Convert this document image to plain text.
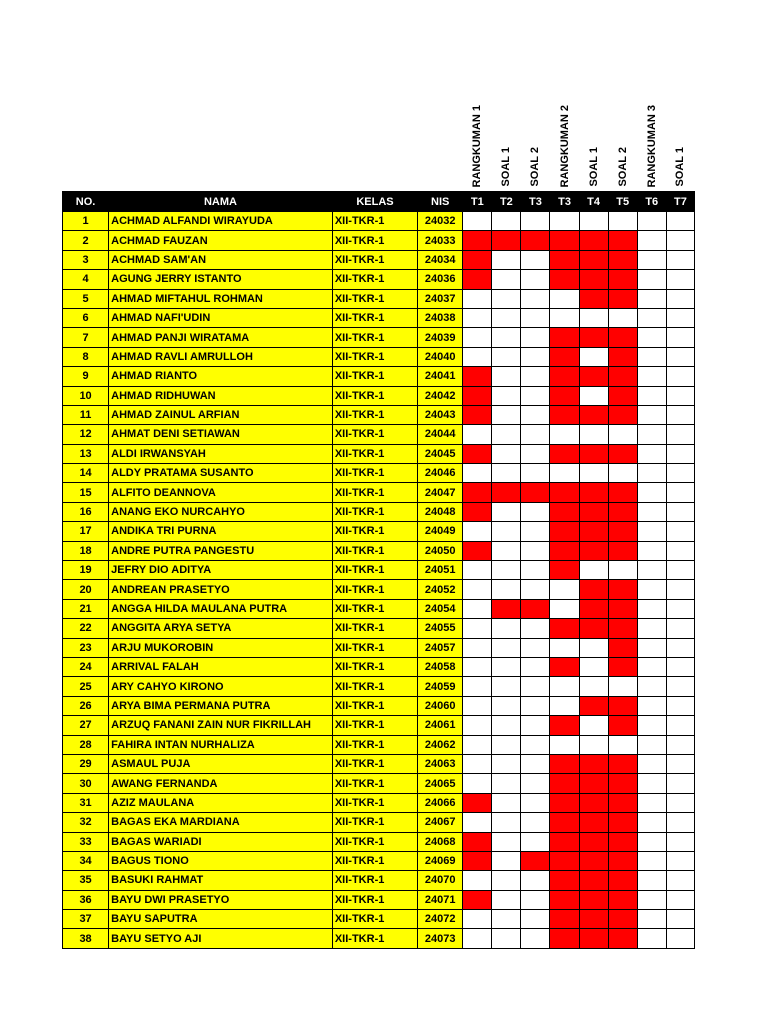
				RANGKUMAN 1	SOAL 1	SOAL 2	RANGKUMAN 2	SOAL 1	SOAL 2	RANGKUMAN 3	SOAL 1

NO.	NAMA	KELAS	NIS	T1	T2	T3	T3	T4	T5	T6	T7
1	ACHMAD ALFANDI WIRAYUDA	XII-TKR-1	24032								
2	ACHMAD FAUZAN	XII-TKR-1	24033								
3	ACHMAD SAM'AN	XII-TKR-1	24034								
4	AGUNG JERRY ISTANTO	XII-TKR-1	24036								
5	AHMAD MIFTAHUL ROHMAN	XII-TKR-1	24037								
6	AHMAD NAFI'UDIN	XII-TKR-1	24038								
7	AHMAD PANJI WIRATAMA	XII-TKR-1	24039								
8	AHMAD RAVLI AMRULLOH	XII-TKR-1	24040								
9	AHMAD RIANTO	XII-TKR-1	24041								
10	AHMAD RIDHUWAN	XII-TKR-1	24042								
11	AHMAD ZAINUL ARFIAN	XII-TKR-1	24043								
12	AHMAT DENI SETIAWAN	XII-TKR-1	24044								
13	ALDI IRWANSYAH	XII-TKR-1	24045								
14	ALDY PRATAMA SUSANTO	XII-TKR-1	24046								
15	ALFITO DEANNOVA	XII-TKR-1	24047								
16	ANANG EKO NURCAHYO	XII-TKR-1	24048								
17	ANDIKA TRI PURNA	XII-TKR-1	24049								
18	ANDRE PUTRA PANGESTU	XII-TKR-1	24050								
19	JEFRY DIO ADITYA	XII-TKR-1	24051								
20	ANDREAN PRASETYO	XII-TKR-1	24052								
21	ANGGA HILDA MAULANA PUTRA	XII-TKR-1	24054								
22	ANGGITA ARYA SETYA	XII-TKR-1	24055								
23	ARJU MUKOROBIN	XII-TKR-1	24057								
24	ARRIVAL FALAH	XII-TKR-1	24058								
25	ARY CAHYO KIRONO	XII-TKR-1	24059								
26	ARYA BIMA PERMANA PUTRA	XII-TKR-1	24060								
27	ARZUQ FANANI ZAIN NUR FIKRILLAH	XII-TKR-1	24061								
28	FAHIRA INTAN NURHALIZA	XII-TKR-1	24062								
29	ASMAUL PUJA	XII-TKR-1	24063								
30	AWANG FERNANDA	XII-TKR-1	24065								
31	AZIZ MAULANA	XII-TKR-1	24066								
32	BAGAS EKA MARDIANA	XII-TKR-1	24067								
33	BAGAS WARIADI	XII-TKR-1	24068								
34	BAGUS TIONO	XII-TKR-1	24069								
35	BASUKI RAHMAT	XII-TKR-1	24070								
36	BAYU DWI PRASETYO	XII-TKR-1	24071								
37	BAYU SAPUTRA	XII-TKR-1	24072								
38	BAYU SETYO AJI	XII-TKR-1	24073								
